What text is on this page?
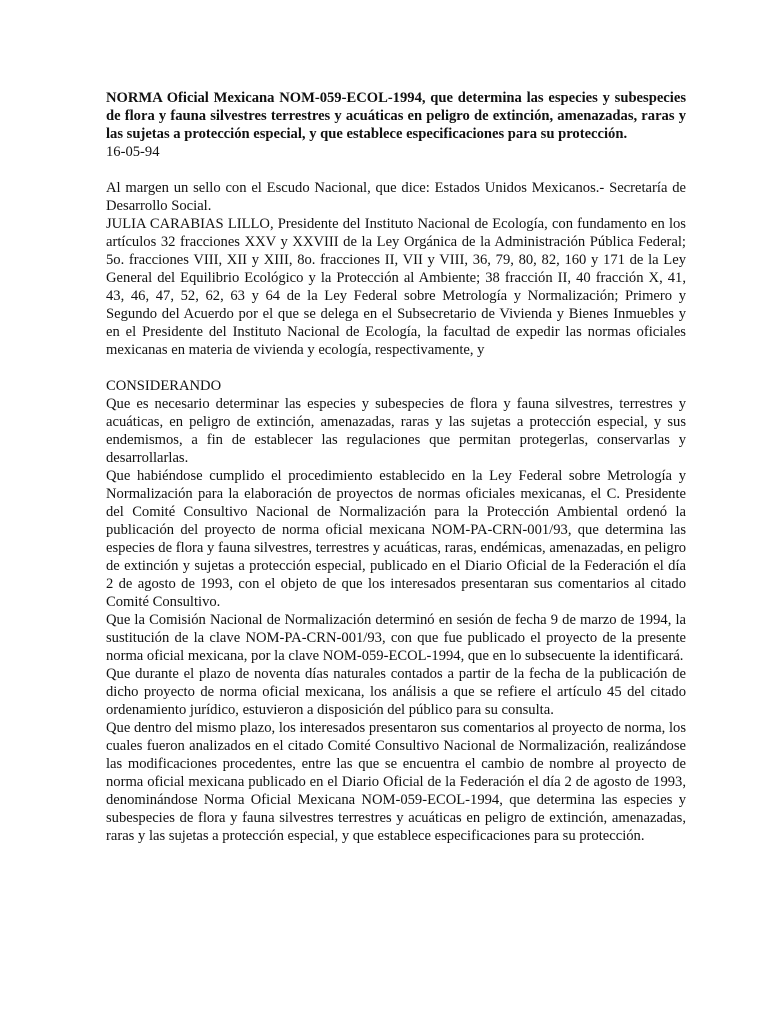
NORMA Oficial Mexicana NOM-059-ECOL-1994, que determina las especies y subespecies de flora y fauna silvestres terrestres y acuáticas en peligro de extinción, amenazadas, raras y las sujetas a protección especial, y que establece especificaciones para su protección.

16-05-94

Al margen un sello con el Escudo Nacional, que dice: Estados Unidos Mexicanos.- Secretaría de Desarrollo Social.

JULIA CARABIAS LILLO, Presidente del Instituto Nacional de Ecología, con fundamento en los artículos 32 fracciones XXV y XXVIII de la Ley Orgánica de la Administración Pública Federal; 5o. fracciones VIII, XII y XIII, 8o. fracciones II, VII y VIII, 36, 79, 80, 82, 160 y 171 de la Ley General del Equilibrio Ecológico y la Protección al Ambiente; 38 fracción II, 40 fracción X, 41, 43, 46, 47, 52, 62, 63 y 64 de la Ley Federal sobre Metrología y Normalización; Primero y Segundo del Acuerdo por el que se delega en el Subsecretario de Vivienda y Bienes Inmuebles y en el Presidente del Instituto Nacional de Ecología, la facultad de expedir las normas oficiales mexicanas en materia de vivienda y ecología, respectivamente, y

CONSIDERANDO

Que es necesario determinar las especies y subespecies de flora y fauna silvestres, terrestres y acuáticas, en peligro de extinción, amenazadas, raras y las sujetas a protección especial, y sus endemismos, a fin de establecer las regulaciones que permitan protegerlas, conservarlas y desarrollarlas.

Que habiéndose cumplido el procedimiento establecido en la Ley Federal sobre Metrología y Normalización para la elaboración de proyectos de normas oficiales mexicanas, el C. Presidente del Comité Consultivo Nacional de Normalización para la Protección Ambiental ordenó la publicación del proyecto de norma oficial mexicana NOM-PA-CRN-001/93, que determina las especies de flora y fauna silvestres, terrestres y acuáticas, raras, endémicas, amenazadas, en peligro de extinción y sujetas a protección especial, publicado en el Diario Oficial de la Federación el día 2 de agosto de 1993, con el objeto de que los interesados presentaran sus comentarios al citado Comité Consultivo.

Que la Comisión Nacional de Normalización determinó en sesión de fecha 9 de marzo de 1994, la sustitución de la clave NOM-PA-CRN-001/93, con que fue publicado el proyecto de la presente norma oficial mexicana, por la clave NOM-059-ECOL-1994, que en lo subsecuente la identificará.

Que durante el plazo de noventa días naturales contados a partir de la fecha de la publicación de dicho proyecto de norma oficial mexicana, los análisis a que se refiere el artículo 45 del citado ordenamiento jurídico, estuvieron a disposición del público para su consulta.

Que dentro del mismo plazo, los interesados presentaron sus comentarios al proyecto de norma, los cuales fueron analizados en el citado Comité Consultivo Nacional de Normalización, realizándose las modificaciones procedentes, entre las que se encuentra el cambio de nombre al proyecto de norma oficial mexicana publicado en el Diario Oficial de la Federación el día 2 de agosto de 1993, denominándose Norma Oficial Mexicana NOM-059-ECOL-1994, que determina las especies y subespecies de flora y fauna silvestres terrestres y acuáticas en peligro de extinción, amenazadas, raras y las sujetas a protección especial, y que establece especificaciones para su protección.
